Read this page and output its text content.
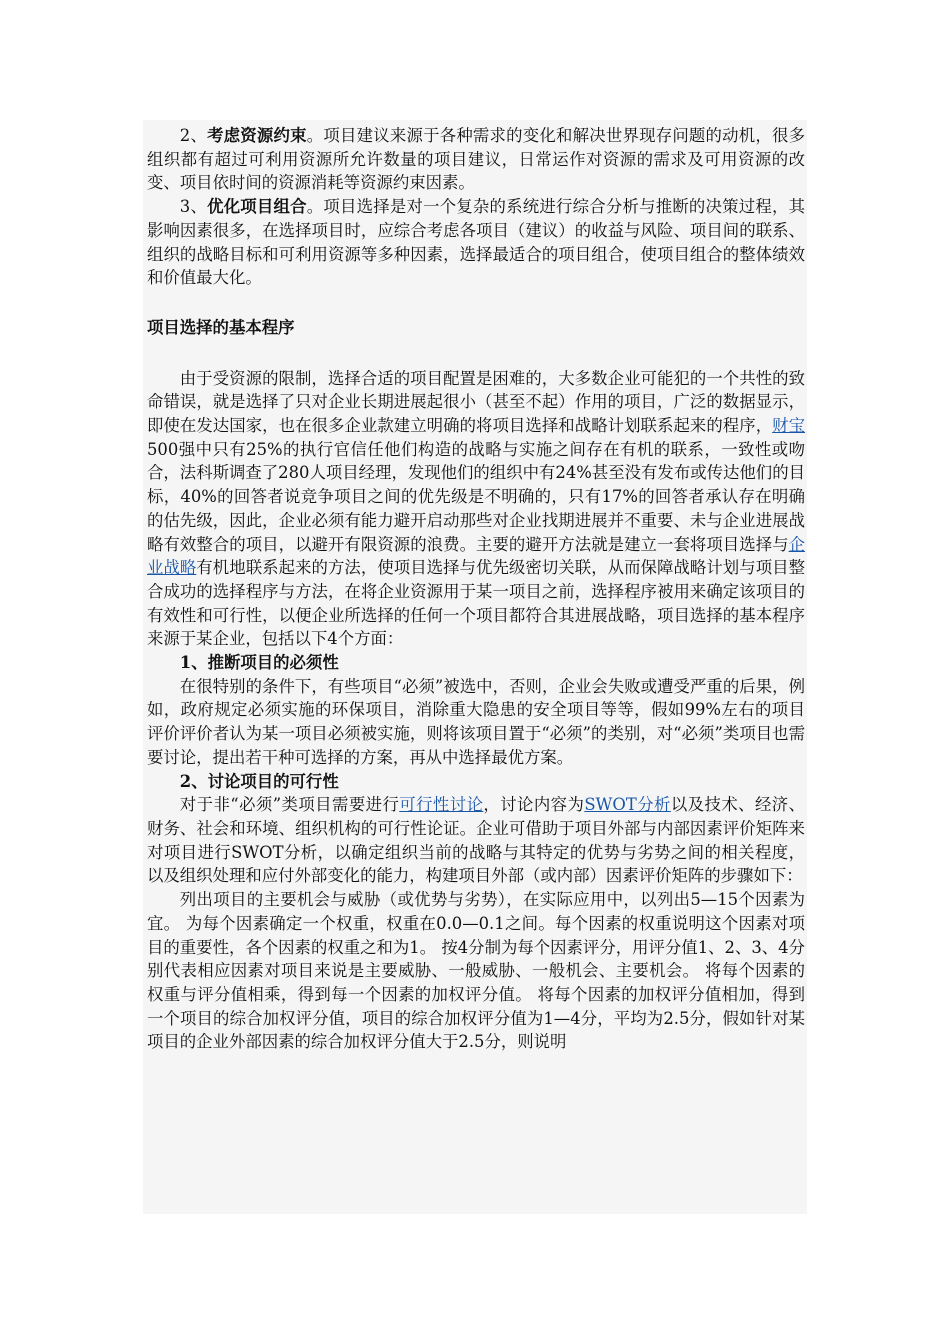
2、考虑资源约束。项目建议来源于各种需求的变化和解决世界现存问题的动机，很多组织都有超过可利用资源所允许数量的项目建议，日常运作对资源的需求及可用资源的改变、项目依时间的资源消耗等资源约束因素。

3、优化项目组合。项目选择是对一个复杂的系统进行综合分析与推断的决策过程，其影响因素很多，在选择项目时，应综合考虑各项目（建议）的收益与风险、项目间的联系、组织的战略目标和可利用资源等多种因素，选择最适合的项目组合，使项目组合的整体绩效和价值最大化。

项目选择的基本程序

由于受资源的限制，选择合适的项目配置是困难的，大多数企业可能犯的一个共性的致命错误，就是选择了只对企业长期进展起很小（甚至不起）作用的项目，广泛的数据显示，即使在发达国家，也在很多企业款建立明确的将项目选择和战略计划联系起来的程序，财宝500强中只有25%的执行官信任他们构造的战略与实施之间存在有机的联系，一致性或吻合，法科斯调查了280人项目经理，发现他们的组织中有24%甚至没有发布或传达他们的目标，40%的回答者说竞争项目之间的优先级是不明确的，只有17%的回答者承认存在明确的估先级，因此，企业必须有能力避开启动那些对企业找期进展并不重要、未与企业进展战略有效整合的项目，以避开有限资源的浪费。主要的避开方法就是建立一套将项目选择与企业战略有机地联系起来的方法，使项目选择与优先级密切关联，从而保障战略计划与项目整合成功的选择程序与方法，在将企业资源用于某一项目之前，选择程序被用来确定该项目的有效性和可行性，以便企业所选择的任何一个项目都符合其进展战略，项目选择的基本程序来源于某企业，包括以下4个方面：

1、推断项目的必须性

在很特别的条件下，有些项目“必须”被选中，否则，企业会失败或遭受严重的后果，例如，政府规定必须实施的环保项目，消除重大隐患的安全项目等等，假如99%左右的项目评价评价者认为某一项目必须被实施，则将该项目置于“必须”的类别，对“必须”类项目也需要讨论，提出若干种可选择的方案，再从中选择最优方案。

2、讨论项目的可行性

对于非“必须”类项目需要进行可行性讨论，讨论内容为SWOT分析以及技术、经济、财务、社会和环境、组织机构的可行性论证。企业可借助于项目外部与内部因素评价矩阵来对项目进行SWOT分析，以确定组织当前的战略与其特定的优势与劣势之间的相关程度，以及组织处理和应付外部变化的能力，构建项目外部（或内部）因素评价矩阵的步骤如下：

列出项目的主要机会与威胁（或优势与劣势），在实际应用中，以列出5—15个因素为宜。 为每个因素确定一个权重，权重在0.0—0.1之间。每个因素的权重说明这个因素对项目的重要性，各个因素的权重之和为1。 按4分制为每个因素评分，用评分值1、2、3、4分别代表相应因素对项目来说是主要威胁、一般威胁、一般机会、主要机会。 将每个因素的权重与评分值相乘，得到每一个因素的加权评分值。 将每个因素的加权评分值相加，得到一个项目的综合加权评分值，项目的综合加权评分值为1—4分，平均为2.5分，假如针对某项目的企业外部因素的综合加权评分值大于2.5分，则说明
